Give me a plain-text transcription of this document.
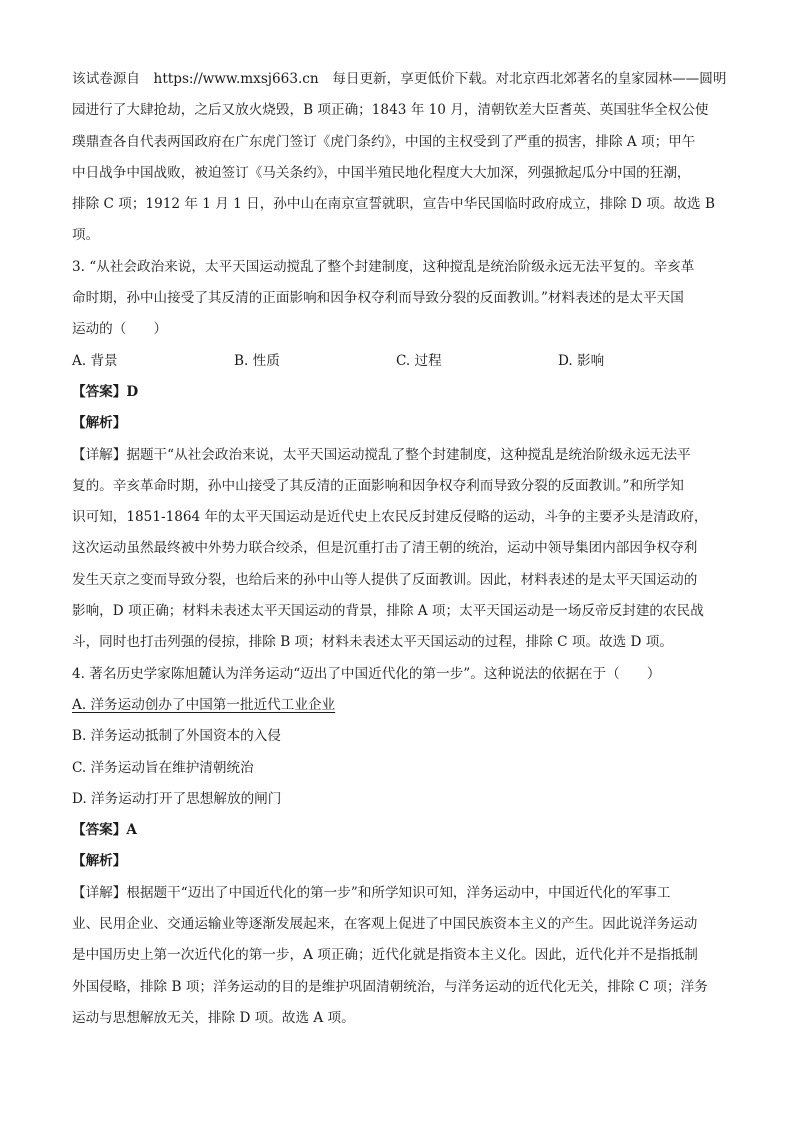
该试卷源自　https://www.mxsj663.cn　每日更新，享更低价下载。对北京西北郊著名的皇家园林——圆明
园进行了大肆抢劫，之后又放火烧毁，B 项正确；1843 年 10 月，清朝钦差大臣耆英、英国驻华全权公使
璞鼎查各自代表两国政府在广东虎门签订《虎门条约》，中国的主权受到了严重的损害，排除 A 项；甲午
中日战争中国战败，被迫签订《马关条约》，中国半殖民地化程度大大加深，列强掀起瓜分中国的狂潮，
排除 C 项；1912 年 1 月 1 日，孙中山在南京宣誓就职，宣告中华民国临时政府成立，排除 D 项。故选 B
项。
3. “从社会政治来说，太平天国运动搅乱了整个封建制度，这种搅乱是统治阶级永远无法平复的。辛亥革
命时期，孙中山接受了其反清的正面影响和因争权夺利而导致分裂的反面教训。”材料表述的是太平天国
运动的（　　）
A. 背景	B. 性质	C. 过程	D. 影响
【答案】D
【解析】
【详解】据题干“从社会政治来说，太平天国运动搅乱了整个封建制度，这种搅乱是统治阶级永远无法平
复的。辛亥革命时期，孙中山接受了其反清的正面影响和因争权夺利而导致分裂的反面教训。”和所学知
识可知，1851-1864 年的太平天国运动是近代史上农民反封建反侵略的运动，斗争的主要矛头是清政府，
这次运动虽然最终被中外势力联合绞杀，但是沉重打击了清王朝的统治，运动中领导集团内部因争权夺利
发生天京之变而导致分裂，也给后来的孙中山等人提供了反面教训。因此，材料表述的是太平天国运动的
影响，D 项正确；材料未表述太平天国运动的背景，排除 A 项；太平天国运动是一场反帝反封建的农民战
斗，同时也打击列强的侵掠，排除 B 项；材料未表述太平天国运动的过程，排除 C 项。故选 D 项。
4. 著名历史学家陈旭麓认为洋务运动“迈出了中国近代化的第一步”。这种说法的依据在于（　　）
A. 洋务运动创办了中国第一批近代工业企业
B. 洋务运动抵制了外国资本的入侵
C. 洋务运动旨在维护清朝统治
D. 洋务运动打开了思想解放的闸门
【答案】A
【解析】
【详解】根据题干“迈出了中国近代化的第一步”和所学知识可知，洋务运动中，中国近代化的军事工
业、民用企业、交通运输业等逐渐发展起来，在客观上促进了中国民族资本主义的产生。因此说洋务运动
是中国历史上第一次近代化的第一步，A 项正确；近代化就是指资本主义化。因此，近代化并不是指抵制
外国侵略，排除 B 项；洋务运动的目的是维护巩固清朝统治，与洋务运动的近代化无关，排除 C 项；洋务
运动与思想解放无关，排除 D 项。故选 A 项。
